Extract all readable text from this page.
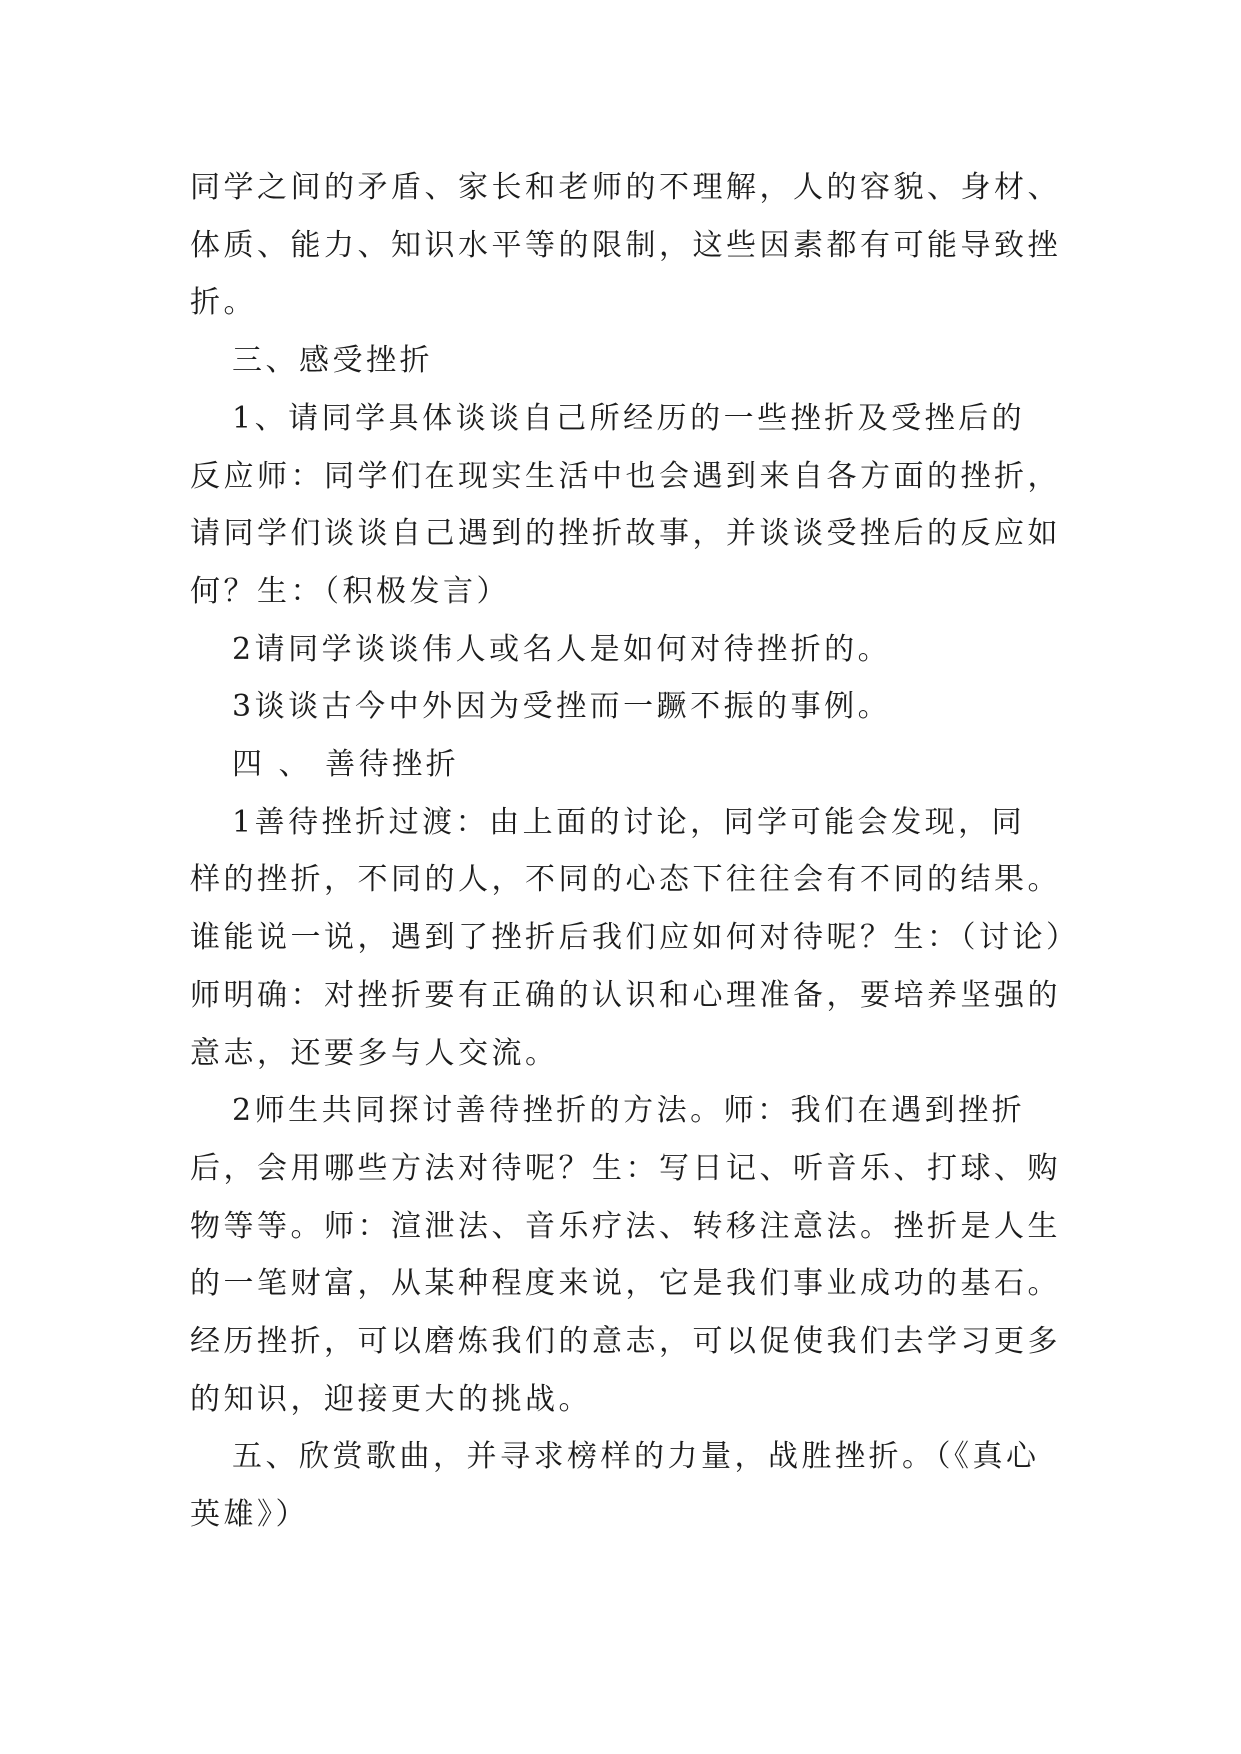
同学之间的矛盾、家长和老师的不理解，人的容貌、身材、
体质、能力、知识水平等的限制，这些因素都有可能导致挫
折。
三、感受挫折
1、请同学具体谈谈自己所经历的一些挫折及受挫后的
反应师：同学们在现实生活中也会遇到来自各方面的挫折，
请同学们谈谈自己遇到的挫折故事，并谈谈受挫后的反应如
何？生：（积极发言）
2请同学谈谈伟人或名人是如何对待挫折的。
3谈谈古今中外因为受挫而一蹶不振的事例。
四 、 善待挫折
1善待挫折过渡：由上面的讨论，同学可能会发现，同
样的挫折，不同的人，不同的心态下往往会有不同的结果。
谁能说一说，遇到了挫折后我们应如何对待呢？生：（讨论）
师明确：对挫折要有正确的认识和心理准备，要培养坚强的
意志，还要多与人交流。
2师生共同探讨善待挫折的方法。师：我们在遇到挫折
后，会用哪些方法对待呢？生：写日记、听音乐、打球、购
物等等。师：渲泄法、音乐疗法、转移注意法。挫折是人生
的一笔财富，从某种程度来说，它是我们事业成功的基石。
经历挫折，可以磨炼我们的意志，可以促使我们去学习更多
的知识，迎接更大的挑战。
五、欣赏歌曲，并寻求榜样的力量，战胜挫折。（《真心
英雄》）
